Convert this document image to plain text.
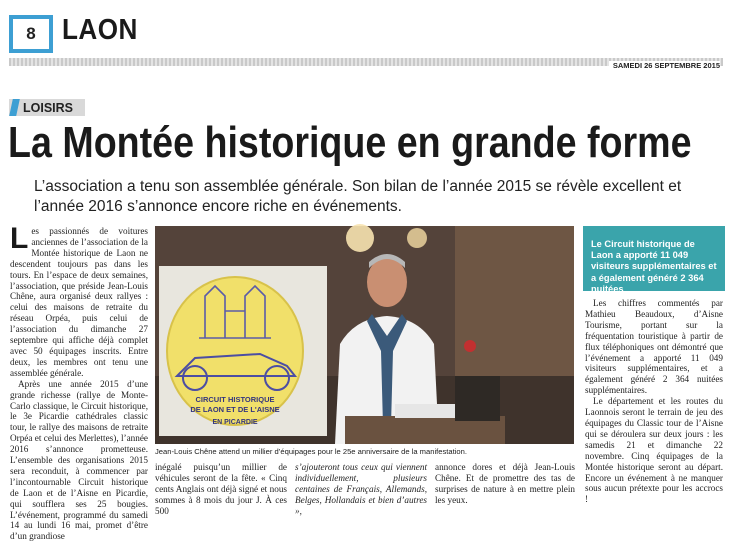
8 LAON
SAMEDI 26 SEPTEMBRE 2015
LOISIRS
La Montée historique en grande forme
L’association a tenu son assemblée générale. Son bilan de l’année 2015 se révèle excellent et l’année 2016 s’annonce encore riche en événements.

Les passionnés de voitures anciennes de l’association de la Montée historique de Laon ne descendent toujours pas dans les tours. En l’espace de deux semaines, l’association, que préside Jean-Louis Chêne, aura organisé deux rallyes : celui des maisons de retraite du réseau Orpéa, puis celui de l’association du dimanche 27 septembre qui affiche déjà complet avec 50 équipages inscrits. Entre deux, les membres ont tenu une assemblée générale.

Après une année 2015 d’une grande richesse (rallye de Monte-Carlo classique, le Circuit historique, le 3e Picardie cathédrales classic tour, le rallye des maisons de retraite Orpéa et celui des Merlettes), l’année 2016 s’annonce prometteuse. L’ensemble des organisations 2015 sera reconduit, à commencer par l’incontournable Circuit historique de Laon et de l’Aisne en Picardie, qui soufflera ses 25 bougies. L’événement, programmé du samedi 14 au lundi 16 mai, promet d’être d’un grandiose

CIRCUIT HISTORIQUE
DE LAON ET DE L'AISNE
EN PICARDIE
Jean-Louis Chêne attend un millier d’équipages pour le 25e anniversaire de la manifestation.
inégalé puisqu’un millier de véhicules seront de la fête. « Cinq cents Anglais ont déjà signé et nous sommes à 8 mois du jour J. À ces 500
s’ajouteront tous ceux qui viennent individuellement, plusieurs centaines de Français, Allemands, Belges, Hollandais et bien d’autres »,
annonce dores et déjà Jean-Louis Chêne. Et de promettre des tas de surprises de nature à en mettre plein les yeux.
Le Circuit historique de Laon a apporté 11 049 visiteurs supplémentaires et a également généré 2 364 nuitées

Les chiffres commentés par Mathieu Beaudoux, d’Aisne Tourisme, portant sur la fréquentation touristique à partir de flux téléphoniques ont démontré que l’événement a apporté 11 049 visiteurs supplémentaires, et a également généré 2 364 nuitées supplémentaires.

Le département et les routes du Laonnois seront le terrain de jeu des équipages du Classic tour de l’Aisne qui se déroulera sur deux jours : les samedis 21 et dimanche 22 novembre. Cinq équipages de la Montée historique seront au départ. Encore un événement à ne manquer sous aucun prétexte pour les accrocs !
